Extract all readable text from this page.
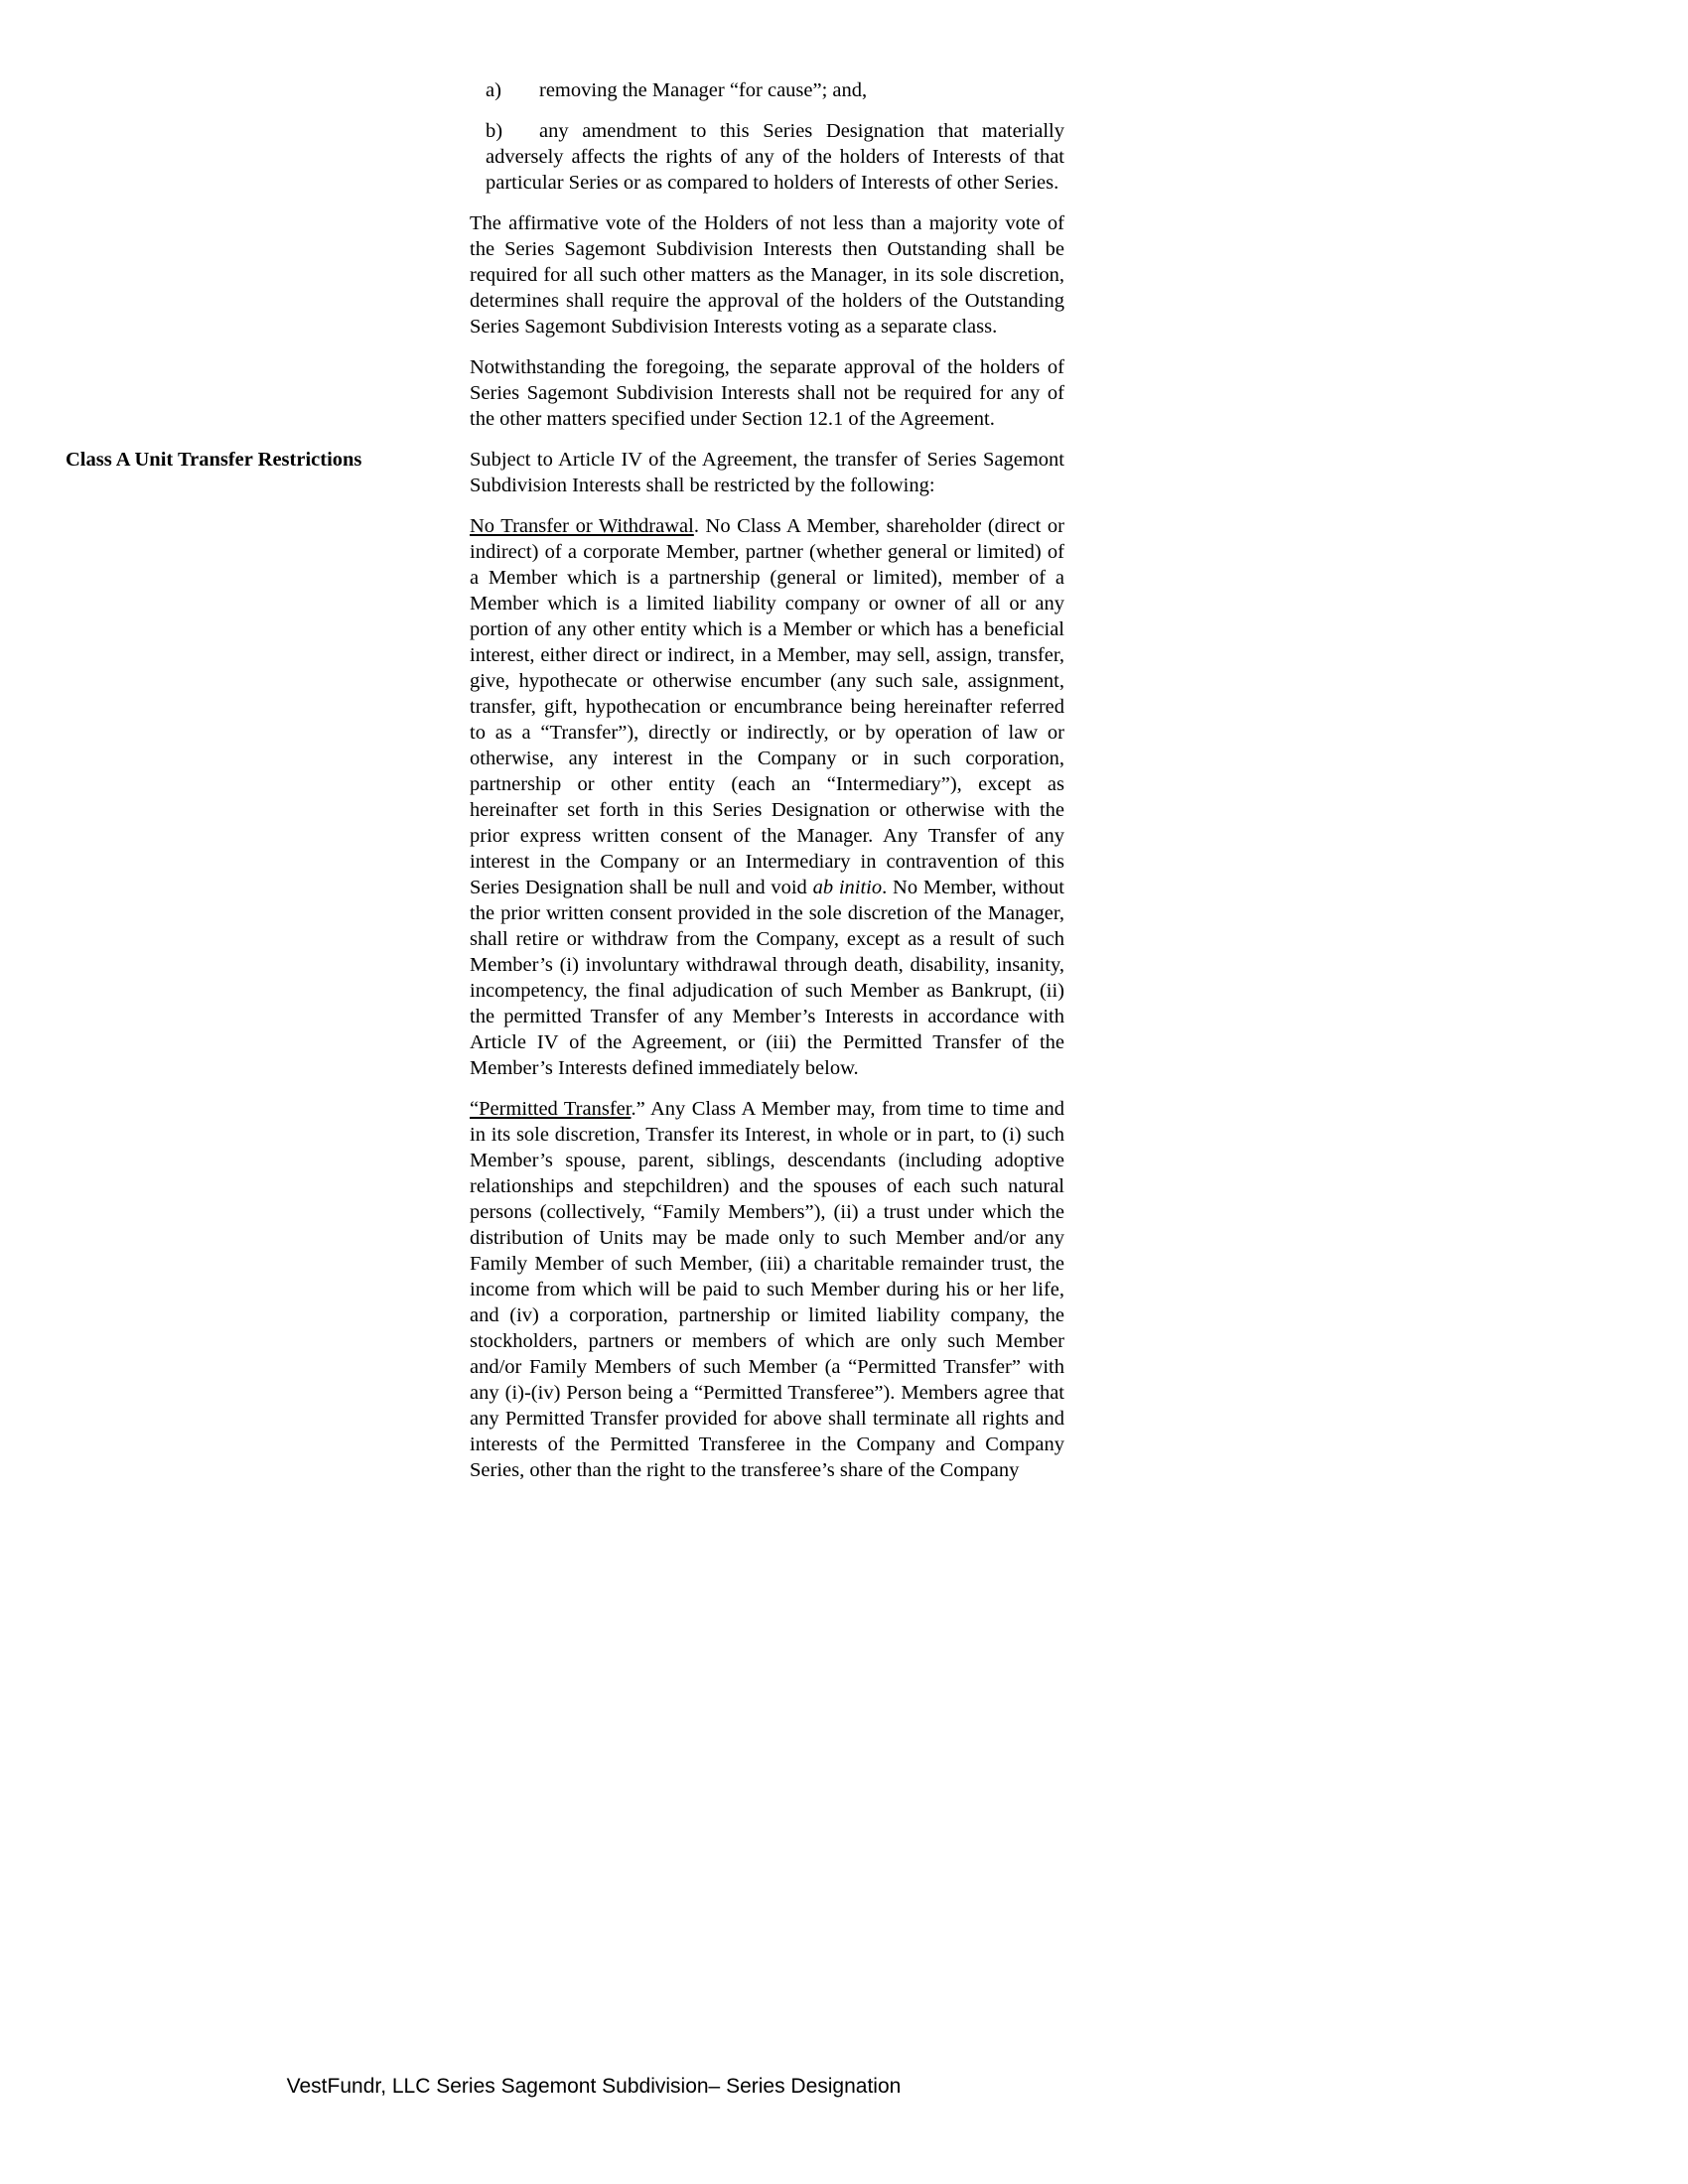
a) removing the Manager “for cause”; and,

b) any amendment to this Series Designation that materially adversely affects the rights of any of the holders of Interests of that particular Series or as compared to holders of Interests of other Series.

The affirmative vote of the Holders of not less than a majority vote of the Series Sagemont Subdivision Interests then Outstanding shall be required for all such other matters as the Manager, in its sole discretion, determines shall require the approval of the holders of the Outstanding Series Sagemont Subdivision Interests voting as a separate class.

Notwithstanding the foregoing, the separate approval of the holders of Series Sagemont Subdivision Interests shall not be required for any of the other matters specified under Section 12.1 of the Agreement.

Class A Unit Transfer Restrictions	Subject to Article IV of the Agreement, the transfer of Series Sagemont Subdivision Interests shall be restricted by the following:

No Transfer or Withdrawal. No Class A Member, shareholder (direct or indirect) of a corporate Member, partner (whether general or limited) of a Member which is a partnership (general or limited), member of a Member which is a limited liability company or owner of all or any portion of any other entity which is a Member or which has a beneficial interest, either direct or indirect, in a Member, may sell, assign, transfer, give, hypothecate or otherwise encumber (any such sale, assignment, transfer, gift, hypothecation or encumbrance being hereinafter referred to as a “Transfer”), directly or indirectly, or by operation of law or otherwise, any interest in the Company or in such corporation, partnership or other entity (each an “Intermediary”), except as hereinafter set forth in this Series Designation or otherwise with the prior express written consent of the Manager. Any Transfer of any interest in the Company or an Intermediary in contravention of this Series Designation shall be null and void ab initio. No Member, without the prior written consent provided in the sole discretion of the Manager, shall retire or withdraw from the Company, except as a result of such Member’s (i) involuntary withdrawal through death, disability, insanity, incompetency, the final adjudication of such Member as Bankrupt, (ii) the permitted Transfer of any Member’s Interests in accordance with Article IV of the Agreement, or (iii) the Permitted Transfer of the Member’s Interests defined immediately below.

“Permitted Transfer.” Any Class A Member may, from time to time and in its sole discretion, Transfer its Interest, in whole or in part, to (i) such Member’s spouse, parent, siblings, descendants (including adoptive relationships and stepchildren) and the spouses of each such natural persons (collectively, “Family Members”), (ii) a trust under which the distribution of Units may be made only to such Member and/or any Family Member of such Member, (iii) a charitable remainder trust, the income from which will be paid to such Member during his or her life, and (iv) a corporation, partnership or limited liability company, the stockholders, partners or members of which are only such Member and/or Family Members of such Member (a “Permitted Transfer” with any (i)-(iv) Person being a “Permitted Transferee”). Members agree that any Permitted Transfer provided for above shall terminate all rights and interests of the Permitted Transferee in the Company and Company Series, other than the right to the transferee’s share of the Company

VestFundr, LLC Series Sagemont Subdivision– Series Designation
